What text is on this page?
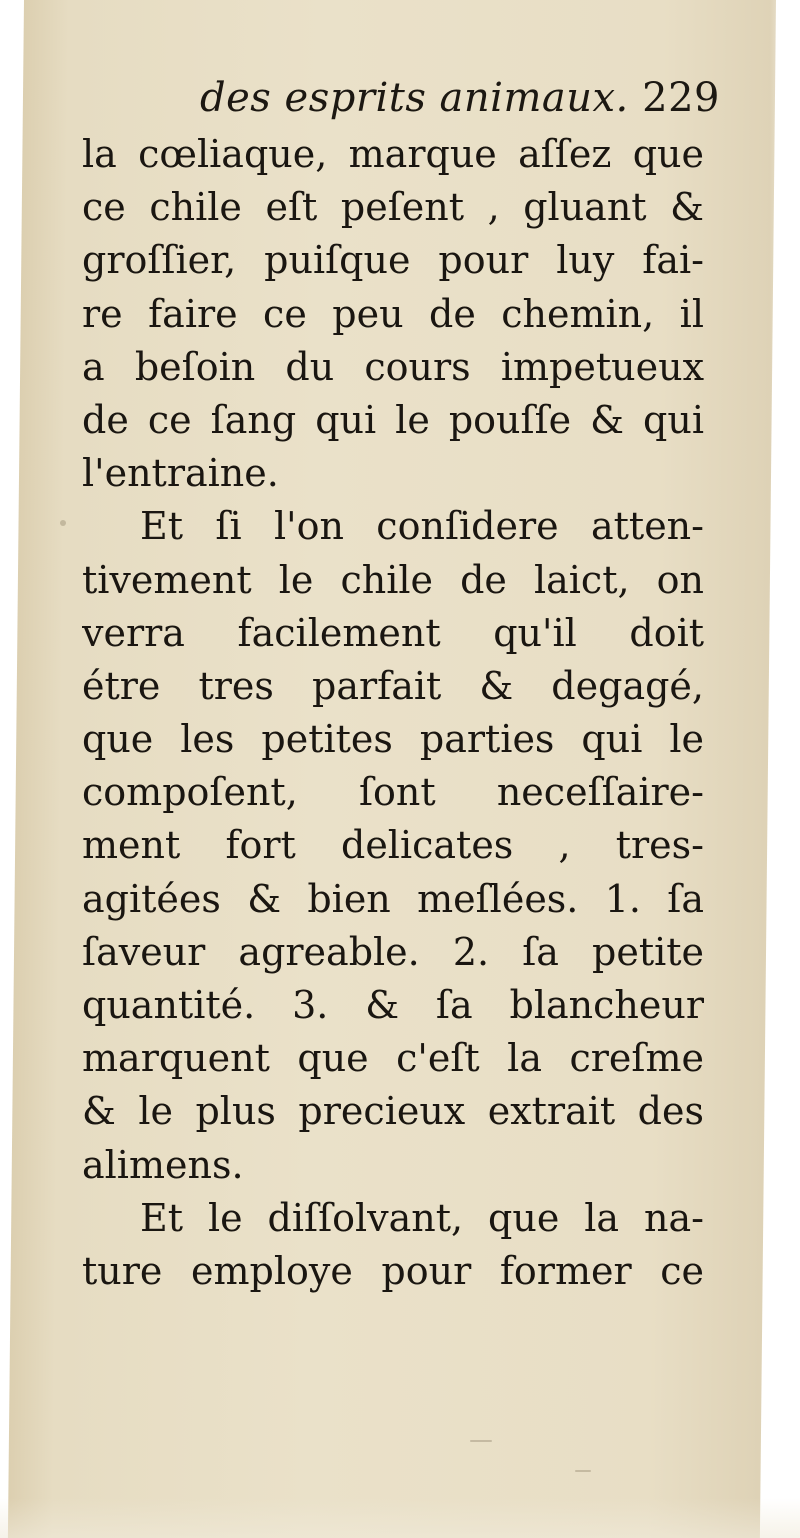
des esprits animaux. 229
la cœliaque, marque aſſez que
ce chile eſt peſent , gluant &
groſſier, puiſque pour luy fai-
re faire ce peu de chemin, il
a beſoin du cours impetueux
de ce ſang qui le pouſſe & qui
l'entraine.
Et ſi l'on conſidere atten-
tivement le chile de laict, on
verra facilement qu'il doit
étre tres parfait & degagé,
que les petites parties qui le
compoſent, ſont neceſſaire-
ment fort delicates , tres-
agitées & bien meſlées. 1. ſa
ſaveur agreable. 2. ſa petite
quantité. 3. & ſa blancheur
marquent que c'eſt la creſme
& le plus precieux extrait des
alimens.
Et le diſſolvant, que la na-
ture employe pour former ce
